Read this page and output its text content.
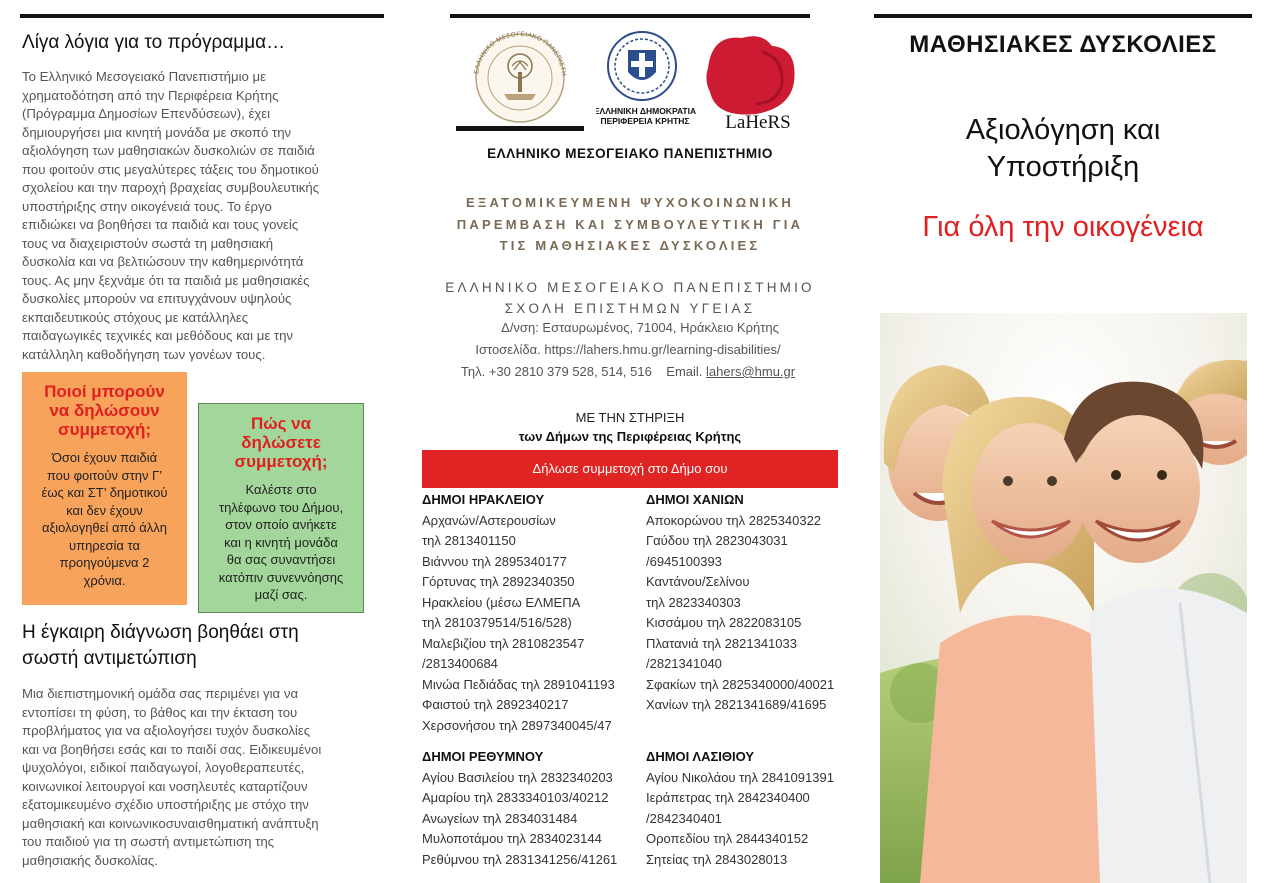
Λίγα λόγια για το πρόγραμμα…
Το Ελληνικό Μεσογειακό Πανεπιστήμιο με
χρηματοδότηση από την Περιφέρεια Κρήτης
(Πρόγραμμα Δημοσίων Επενδύσεων), έχει
δημιουργήσει μια κινητή μονάδα με σκοπό την
αξιολόγηση των μαθησιακών δυσκολιών σε παιδιά
που φοιτούν στις μεγαλύτερες τάξεις του δημοτικού
σχολείου και την παροχή βραχείας συμβουλευτικής
υποστήριξης στην οικογένειά τους. Το έργο
επιδιώκει να βοηθήσει τα παιδιά και τους γονείς
τους να διαχειριστούν σωστά τη μαθησιακή
δυσκολία και να βελτιώσουν την καθημερινότητά
τους. Ας μην ξεχνάμε ότι τα παιδιά με μαθησιακές
δυσκολίες μπορούν να επιτυγχάνουν υψηλούς
εκπαιδευτικούς στόχους με κατάλληλες
παιδαγωγικές τεχνικές και μεθόδους και με την
κατάλληλη καθοδήγηση των γονέων τους.
Ποιοί μπορούν
να δηλώσουν
συμμετοχή;
Όσοι έχουν παιδιά
που φοιτούν στην Γ’
έως και ΣΤ’ δημοτικού
και δεν έχουν
αξιολογηθεί από άλλη
υπηρεσία τα
προηγούμενα 2
χρόνια.
Πώς να
δηλώσετε
συμμετοχή;
Καλέστε στο
τηλέφωνο του Δήμου,
στον οποίο ανήκετε
και η κινητή μονάδα
θα σας συναντήσει
κατόπιν συνεννόησης
μαζί σας.
Η έγκαιρη διάγνωση βοηθάει στη
σωστή αντιμετώπιση
Μια διεπιστημονική ομάδα σας περιμένει για να
εντοπίσει τη φύση, το βάθος και την έκταση του
προβλήματος για να αξιολογήσει τυχόν δυσκολίες
και να βοηθήσει εσάς και το παιδί σας. Ειδικευμένοι
ψυχολόγοι, ειδικοί παιδαγωγοί, λογοθεραπευτές,
κοινωνικοί λειτουργοί και νοσηλευτές καταρτίζουν
εξατομικευμένο σχέδιο υποστήριξης με στόχο την
μαθησιακή και κοινωνικοσυναισθηματική ανάπτυξη
του παιδιού για τη σωστή αντιμετώπιση της
μαθησιακής δυσκολίας.
ΕΛΛΗΝΙΚΟ ΜΕΣΟΓΕΙΑΚΟ ΠΑΝΕΠΙΣΤΗ
ΕΛΛΗΝΙΚΗ ΔΗΜΟΚΡΑΤΙΑ
ΠΕΡΙΦΕΡΕΙΑ ΚΡΗΤΗΣ LaHeRS
ΕΛΛΗΝΙΚΟ ΜΕΣΟΓΕΙΑΚΟ ΠΑΝΕΠΙΣΤΗΜΙΟ
ΕΞΑΤΟΜΙΚΕΥΜΕΝΗ ΨΥΧΟΚΟΙΝΩΝΙΚΗ
ΠΑΡΕΜΒΑΣΗ ΚΑΙ ΣΥΜΒΟΥΛΕΥΤΙΚΗ ΓΙΑ
ΤΙΣ ΜΑΘΗΣΙΑΚΕΣ ΔΥΣΚΟΛΙΕΣ
ΕΛΛΗΝΙΚΟ ΜΕΣΟΓΕΙΑΚΟ ΠΑΝΕΠΙΣΤΗΜΙΟ
ΣΧΟΛΗ ΕΠΙΣΤΗΜΩΝ ΥΓΕΙΑΣ
Δ/νση: Εσταυρωμένος, 71004, Ηράκλειο Κρήτης
Ιστοσελίδα. https://lahers.hmu.gr/learning-disabilities/
Τηλ. +30 2810 379 528, 514, 516    Email. lahers@hmu.gr
ΜΕ ΤΗΝ ΣΤΗΡΙΞΗ
των Δήμων της Περιφέρειας Κρήτης
Δήλωσε συμμετοχή στο Δήμο σου
ΔΗΜΟΙ ΗΡΑΚΛΕΙΟΥ
Αρχανών/Αστερουσίων
τηλ 2813401150
Βιάννου τηλ 2895340177
Γόρτυνας τηλ 2892340350
Ηρακλείου (μέσω ΕΛΜΕΠΑ
τηλ 2810379514/516/528)
Μαλεβιζίου τηλ 2810823547
/2813400684
Μινώα Πεδιάδας τηλ 2891041193
Φαιστού τηλ 2892340217
Χερσονήσου τηλ 2897340045/47
ΔΗΜΟΙ ΧΑΝΙΩΝ
Αποκορώνου τηλ 2825340322
Γαύδου τηλ 2823043031
/6945100393
Καντάνου/Σελίνου
τηλ 2823340303
Κισσάμου τηλ 2822083105
Πλατανιά τηλ 2821341033
/2821341040
Σφακίων τηλ 2825340000/40021
Χανίων τηλ 2821341689/41695
ΔΗΜΟΙ ΡΕΘΥΜΝΟΥ
Αγίου Βασιλείου τηλ 2832340203
Αμαρίου τηλ 2833340103/40212
Ανωγείων τηλ 2834031484
Μυλοποτάμου τηλ 2834023144
Ρεθύμνου τηλ 2831341256/41261
ΔΗΜΟΙ ΛΑΣΙΘΙΟΥ
Αγίου Νικολάου τηλ 2841091391
Ιεράπετρας τηλ 2842340400
/2842340401
Οροπεδίου τηλ 2844340152
Σητείας τηλ 2843028013
ΜΑΘΗΣΙΑΚΕΣ ΔΥΣΚΟΛΙΕΣ
Αξιολόγηση και
Υποστήριξη
Για όλη την οικογένεια
